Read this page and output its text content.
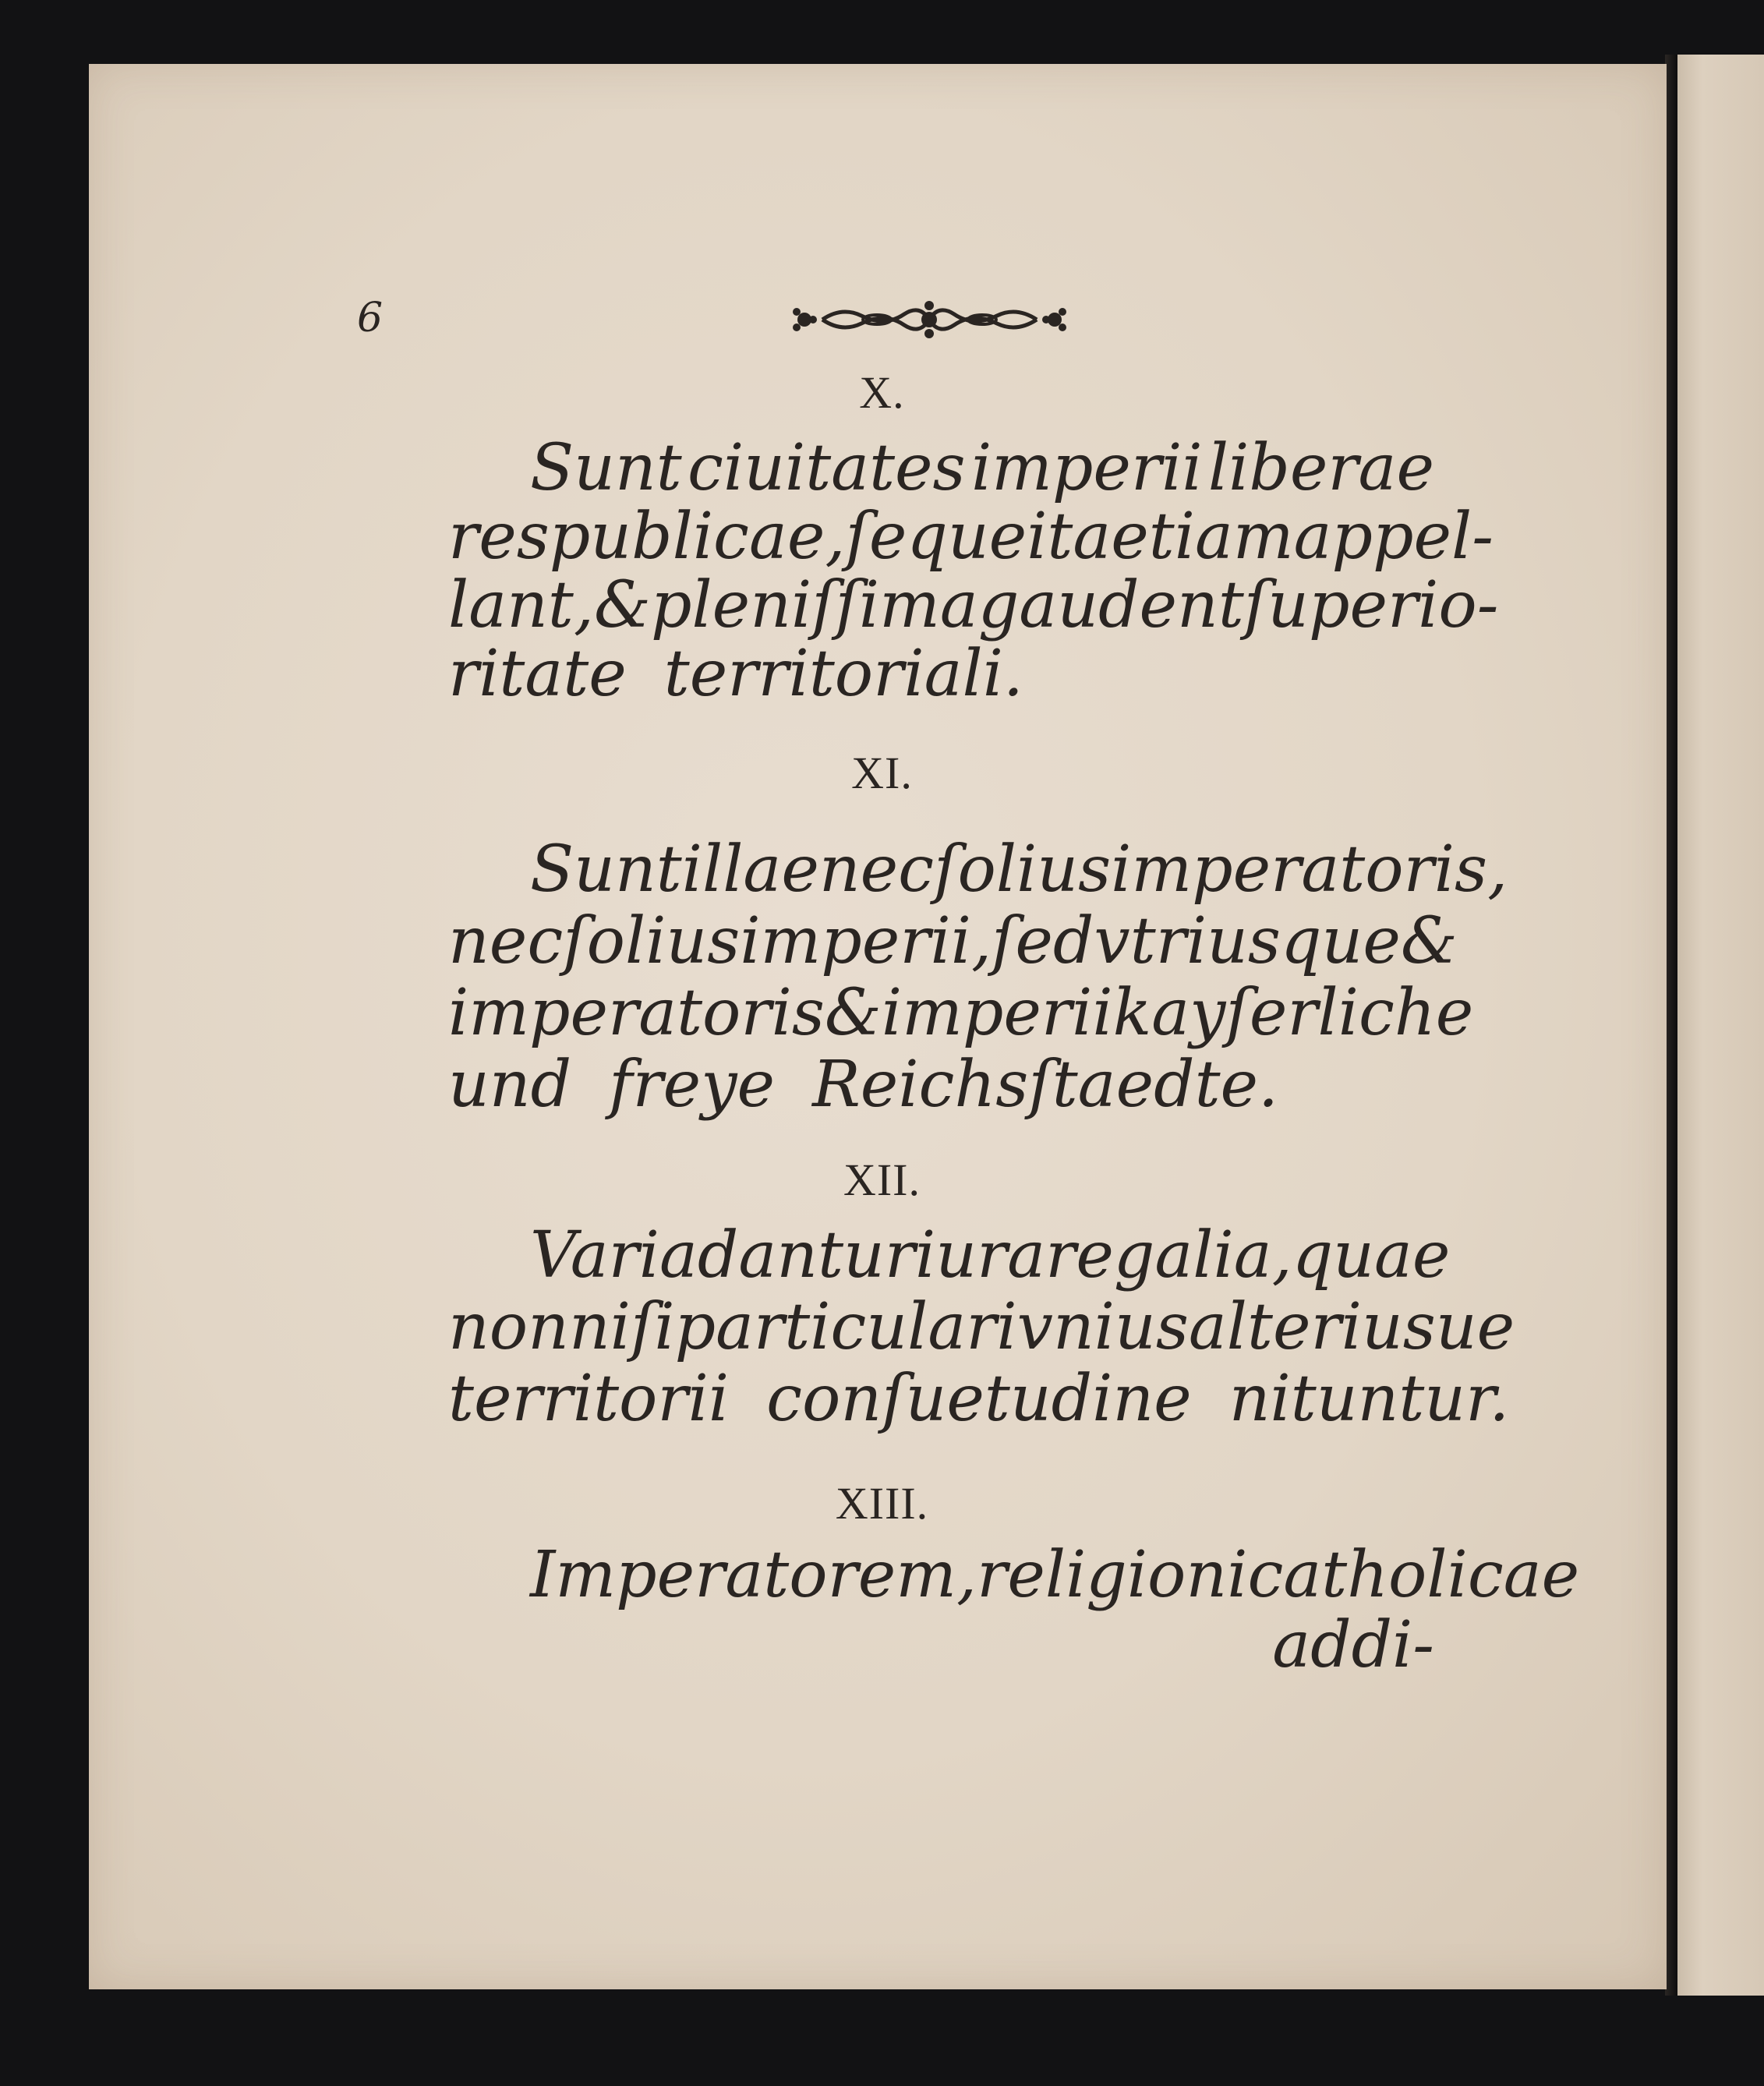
6
X.
Sunt ciuitates imperii liberae
respublicae, ſeque ita etiam appel-
lant, & pleniſſima gaudent ſuperio-
ritate territoriali.
XI.
Sunt illae nec ſolius imperatoris,
nec ſolius imperii, ſed vtriusque &
imperatoris & imperii kayſerliche
und freye Reichsſtaedte.
XII.
Varia dantur iura regalia, quae
non niſi particulari vnius alteriusue
territorii conſuetudine nituntur.
XIII.
Imperatorem, religioni catholicae
addi-
